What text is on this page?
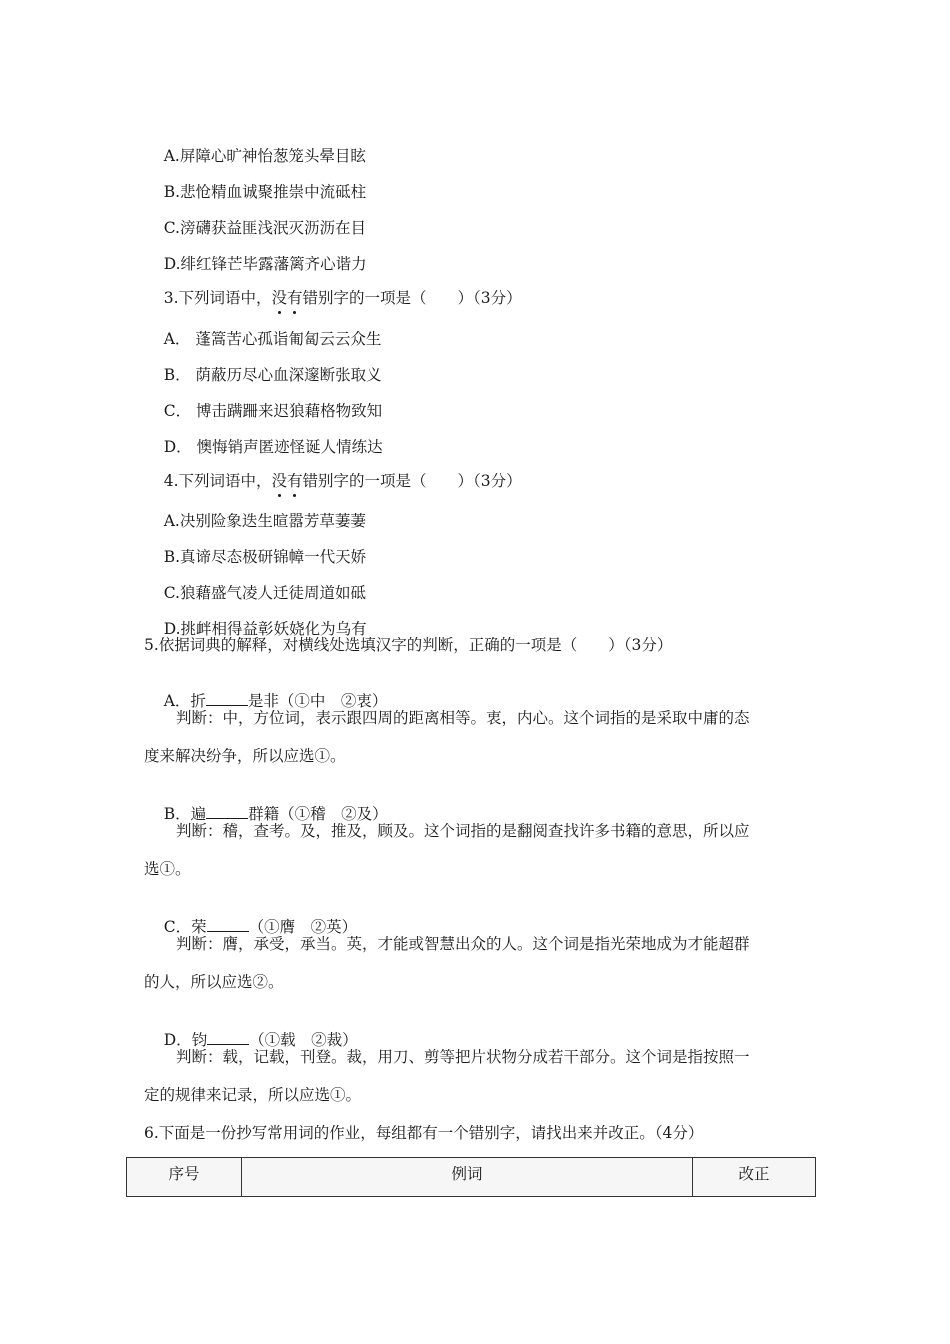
A.屏障心旷神怡葱笼头晕目眩

B.悲怆精血诚聚推崇中流砥柱

C.滂礴获益匪浅泯灭沥沥在目

D.绯红锋芒毕露藩篱齐心谐力

3.下列词语中，没有错别字的一项是（　　）（3分）

A． 蓬篙苦心孤诣匍匐云云众生

B． 荫蔽历尽心血深邃断张取义

C． 博击蹒跚来迟狼藉格物致知

D． 懊悔销声匿迹怪诞人情练达

4.下列词语中，没有错别字的一项是（　　）（3分）

A.决别险象迭生暄嚣芳草萋萋

B.真谛尽态极研锦幛一代天娇

C.狼藉盛气凌人迁徒周道如砥

D.挑衅相得益彰妖娆化为乌有

5.依据词典的解释，对横线处选填汉字的判断，正确的一项是（　　）（3分）

A．折	是非（①中　②衷）

判断：中，方位词，表示跟四周的距离相等。衷，内心。这个词指的是采取中庸的态
度来解决纷争，所以应选①。

B．遍	群籍（①稽　②及）

判断：稽，查考。及，推及，顾及。这个词指的是翻阅查找许多书籍的意思，所以应
选①。

C．荣	（①膺　②英）

判断：膺，承受，承当。英，才能或智慧出众的人。这个词是指光荣地成为才能超群
的人，所以应选②。

D．钧	（①载　②裁）

判断：载，记载，刊登。裁，用刀、剪等把片状物分成若干部分。这个词是指按照一
定的规律来记录，所以应选①。
6.下面是一份抄写常用词的作业，每组都有一个错别字，请找出来并改正。（4分）
序号	例词	改正
